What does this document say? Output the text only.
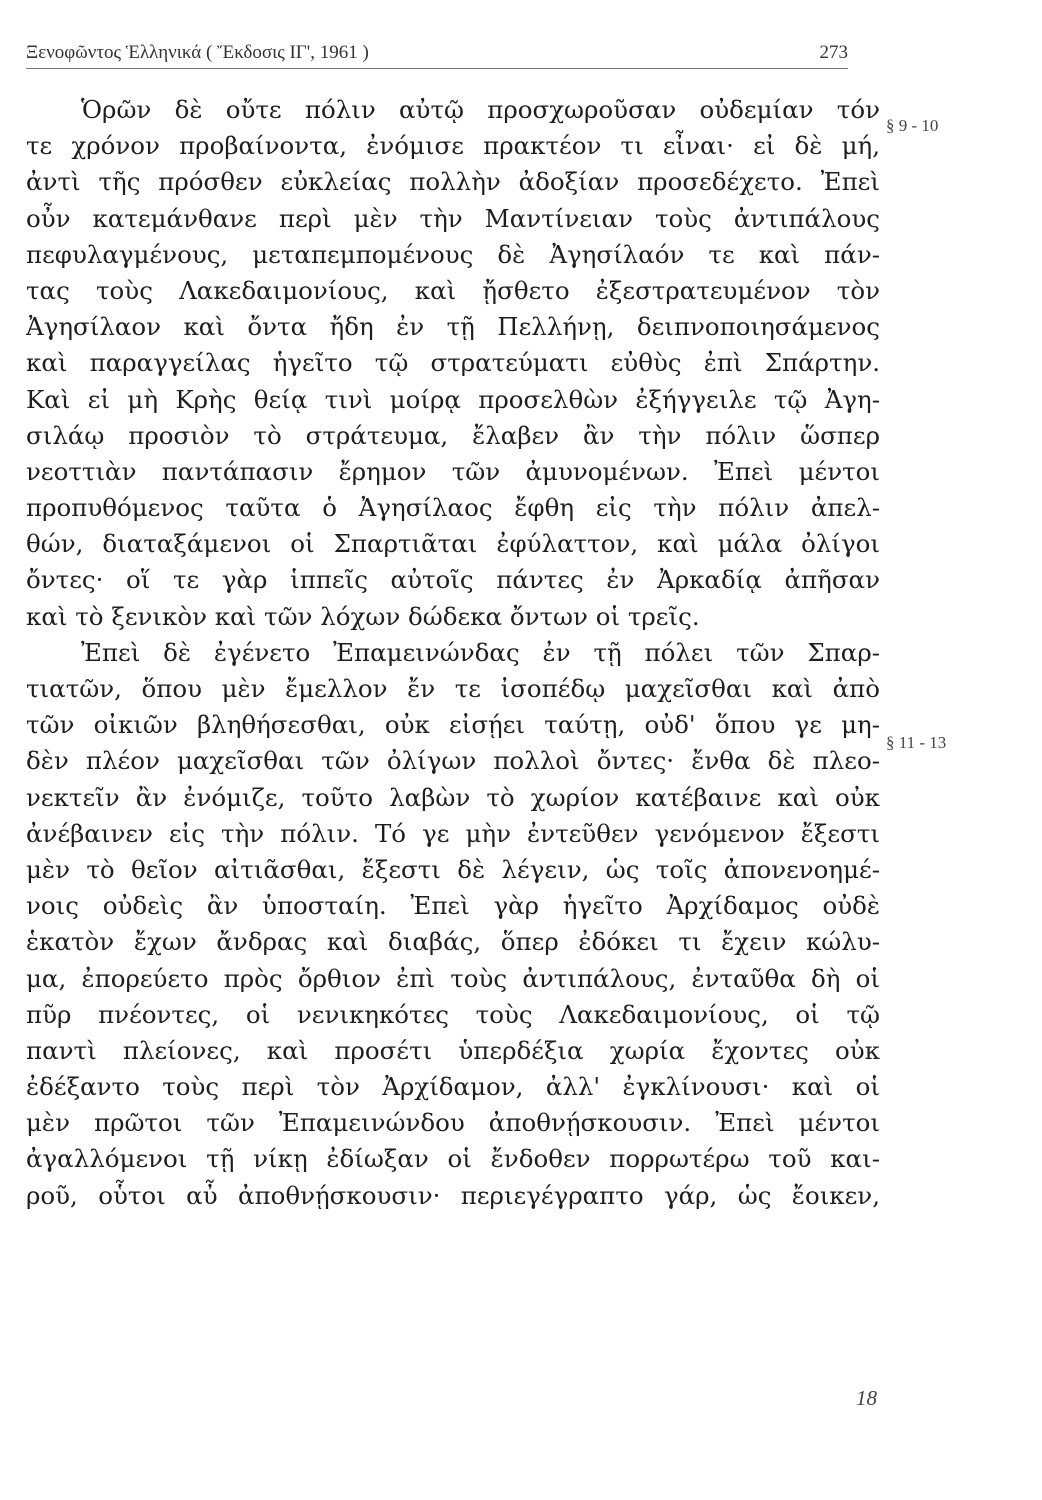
Ξενοφῶντος Ἑλληνικά ( Ἔκδοσις ΙΓ', 1961 )	273
Ὁρῶν δὲ οὔτε πόλιν αὐτῷ προσχωροῦσαν οὐδεμίαν τόν
τε χρόνον προβαίνοντα, ἐνόμισε πρακτέον τι εἶναι· εἰ δὲ μή,
ἀντὶ τῆς πρόσθεν εὐκλείας πολλὴν ἀδοξίαν προσεδέχετο. Ἐπεὶ
οὖν κατεμάνθανε περὶ μὲν τὴν Μαντίνειαν τοὺς ἀντιπάλους
πεφυλαγμένους, μεταπεμπομένους δὲ Ἀγησίλαόν τε καὶ πάν-
τας τοὺς Λακεδαιμονίους, καὶ ᾔσθετο ἐξεστρατευμένον τὸν
Ἀγησίλαον καὶ ὄντα ἤδη ἐν τῇ Πελλήνῃ, δειπνοποιησάμενος
καὶ παραγγείλας ἡγεῖτο τῷ στρατεύματι εὐθὺς ἐπὶ Σπάρτην.
Καὶ εἰ μὴ Κρὴς θείᾳ τινὶ μοίρᾳ προσελθὼν ἐξήγγειλε τῷ Ἀγη-
σιλάῳ προσιὸν τὸ στράτευμα, ἔλαβεν ἂν τὴν πόλιν ὥσπερ
νεοττιὰν παντάπασιν ἔρημον τῶν ἀμυνομένων. Ἐπεὶ μέντοι
προπυθόμενος ταῦτα ὁ Ἀγησίλαος ἔφθη εἰς τὴν πόλιν ἀπελ-
θών, διαταξάμενοι οἱ Σπαρτιᾶται ἐφύλαττον, καὶ μάλα ὀλίγοι
ὄντες· οἵ τε γὰρ ἱππεῖς αὐτοῖς πάντες ἐν Ἀρκαδίᾳ ἀπῆσαν
καὶ τὸ ξενικὸν καὶ τῶν λόχων δώδεκα ὄντων οἱ τρεῖς.
Ἐπεὶ δὲ ἐγένετο Ἐπαμεινώνδας ἐν τῇ πόλει τῶν Σπαρ-
τιατῶν, ὅπου μὲν ἔμελλον ἔν τε ἰσοπέδῳ μαχεῖσθαι καὶ ἀπὸ
τῶν οἰκιῶν βληθήσεσθαι, οὐκ εἰσῄει ταύτῃ, οὐδ' ὅπου γε μη-
δὲν πλέον μαχεῖσθαι τῶν ὀλίγων πολλοὶ ὄντες· ἔνθα δὲ πλεο-
νεκτεῖν ἂν ἐνόμιζε, τοῦτο λαβὼν τὸ χωρίον κατέβαινε καὶ οὐκ
ἀνέβαινεν εἰς τὴν πόλιν. Τό γε μὴν ἐντεῦθεν γενόμενον ἔξεστι
μὲν τὸ θεῖον αἰτιᾶσθαι, ἔξεστι δὲ λέγειν, ὡς τοῖς ἀπονενοημέ-
νοις οὐδεὶς ἂν ὑποσταίη. Ἐπεὶ γὰρ ἡγεῖτο Ἀρχίδαμος οὐδὲ
ἑκατὸν ἔχων ἄνδρας καὶ διαβάς, ὅπερ ἐδόκει τι ἔχειν κώλυ-
μα, ἐπορεύετο πρὸς ὄρθιον ἐπὶ τοὺς ἀντιπάλους, ἐνταῦθα δὴ οἱ
πῦρ πνέοντες, οἱ νενικηκότες τοὺς Λακεδαιμονίους, οἱ τῷ
παντὶ πλείονες, καὶ προσέτι ὑπερδέξια χωρία ἔχοντες οὐκ
ἐδέξαντο τοὺς περὶ τὸν Ἀρχίδαμον, ἀλλ' ἐγκλίνουσι· καὶ οἱ
μὲν πρῶτοι τῶν Ἐπαμεινώνδου ἀποθνῄσκουσιν. Ἐπεὶ μέντοι
ἀγαλλόμενοι τῇ νίκῃ ἐδίωξαν οἱ ἔνδοθεν πορρωτέρω τοῦ και-
ροῦ, οὗτοι αὖ ἀποθνῄσκουσιν· περιεγέγραπτο γάρ, ὡς ἔοικεν,
§ 9 - 10
§ 11 - 13
18
